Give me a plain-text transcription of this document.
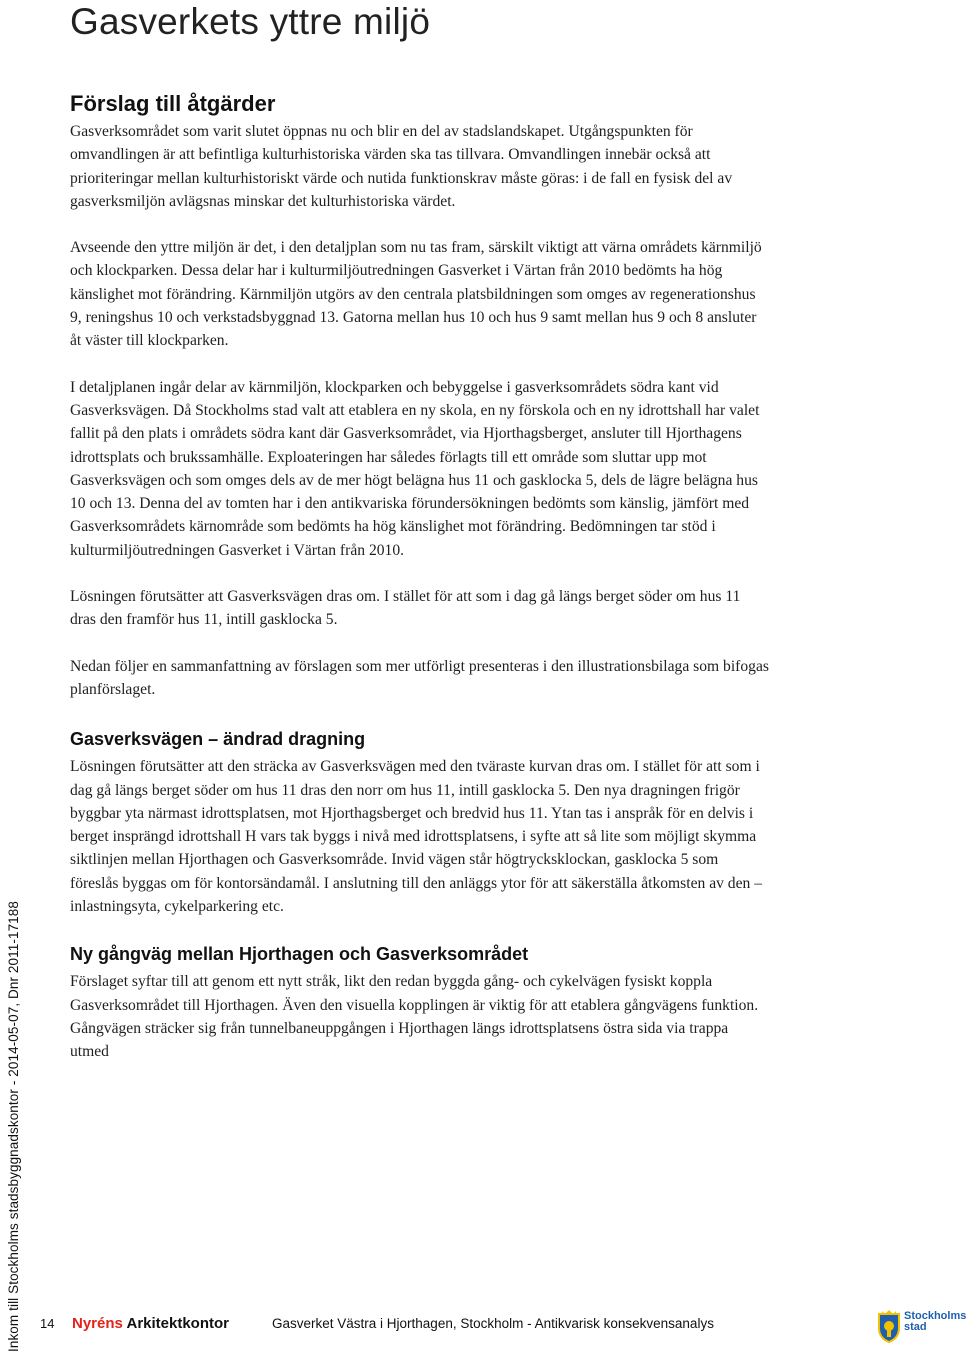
Gasverkets yttre miljö
Förslag till åtgärder

Gasverksområdet som varit slutet öppnas nu och blir en del av stadslandskapet. Utgångspunkten för omvandlingen är att befintliga kulturhistoriska värden ska tas tillvara. Omvandlingen innebär också att prioriteringar mellan kulturhistoriskt värde och nutida funktionskrav måste göras: i de fall en fysisk del av gasverksmiljön avlägsnas minskar det kulturhistoriska värdet.

Avseende den yttre miljön är det, i den detaljplan som nu tas fram, särskilt viktigt att värna områdets kärnmiljö och klockparken. Dessa delar har i kulturmiljöutredningen Gasverket i Värtan från 2010 bedömts ha hög känslighet mot förändring. Kärnmiljön utgörs av den centrala platsbildningen som omges av regenerationshus 9, reningshus 10 och verkstadsbyggnad 13. Gatorna mellan hus 10 och hus 9 samt mellan hus 9 och 8 ansluter åt väster till klockparken.

I detaljplanen ingår delar av kärnmiljön, klockparken och bebyggelse i gasverksområdets södra kant vid Gasverksvägen. Då Stockholms stad valt att etablera en ny skola, en ny förskola och en ny idrottshall har valet fallit på den plats i områdets södra kant där Gasverksområdet, via Hjorthagsberget, ansluter till Hjorthagens idrottsplats och brukssamhälle. Exploateringen har således förlagts till ett område som sluttar upp mot Gasverksvägen och som omges dels av de mer högt belägna hus 11 och gasklocka 5, dels de lägre belägna hus 10 och 13. Denna del av tomten har i den antikvariska förundersökningen bedömts som känslig, jämfört med Gasverksområdets kärnområde som bedömts ha hög känslighet mot förändring. Bedömningen tar stöd i kulturmiljöutredningen Gasverket i Värtan från 2010.

Lösningen förutsätter att Gasverksvägen dras om. I stället för att som i dag gå längs berget söder om hus 11 dras den framför hus 11, intill gasklocka 5.

Nedan följer en sammanfattning av förslagen som mer utförligt presenteras i den illustrationsbilaga som bifogas planförslaget.

Gasverksvägen – ändrad dragning

Lösningen förutsätter att den sträcka av Gasverksvägen med den tväraste kurvan dras om. I stället för att som i dag gå längs berget söder om hus 11 dras den norr om hus 11, intill gasklocka 5. Den nya dragningen frigör byggbar yta närmast idrottsplatsen, mot Hjorthagsberget och bredvid hus 11. Ytan tas i anspråk för en delvis i berget insprängd idrottshall H vars tak byggs i nivå med idrottsplatsens, i syfte att så lite som möjligt skymma siktlinjen mellan Hjorthagen och Gasverksområde. Invid vägen står högtrycksklockan, gasklocka 5 som föreslås byggas om för kontorsändamål. I anslutning till den anläggs ytor för att säkerställa åtkomsten av den – inlastningsyta, cykelparkering etc.

Ny gångväg mellan Hjorthagen och Gasverksområdet

Förslaget syftar till att genom ett nytt stråk, likt den redan byggda gång- och cykelvägen fysiskt koppla Gasverksområdet till Hjorthagen. Även den visuella kopplingen är viktig för att etablera gångvägens funktion. Gångvägen sträcker sig från tunnelbaneuppgången i Hjorthagen längs idrottsplatsens östra sida via trappa utmed

Inkom till Stockholms stadsbyggnadskontor - 2014-05-07, Dnr 2011-17188 14 Nyréns Arkitektkontor	Gasverket Västra i Hjorthagen, Stockholm - Antikvarisk konsekvensanalys	Stockholms
stad
